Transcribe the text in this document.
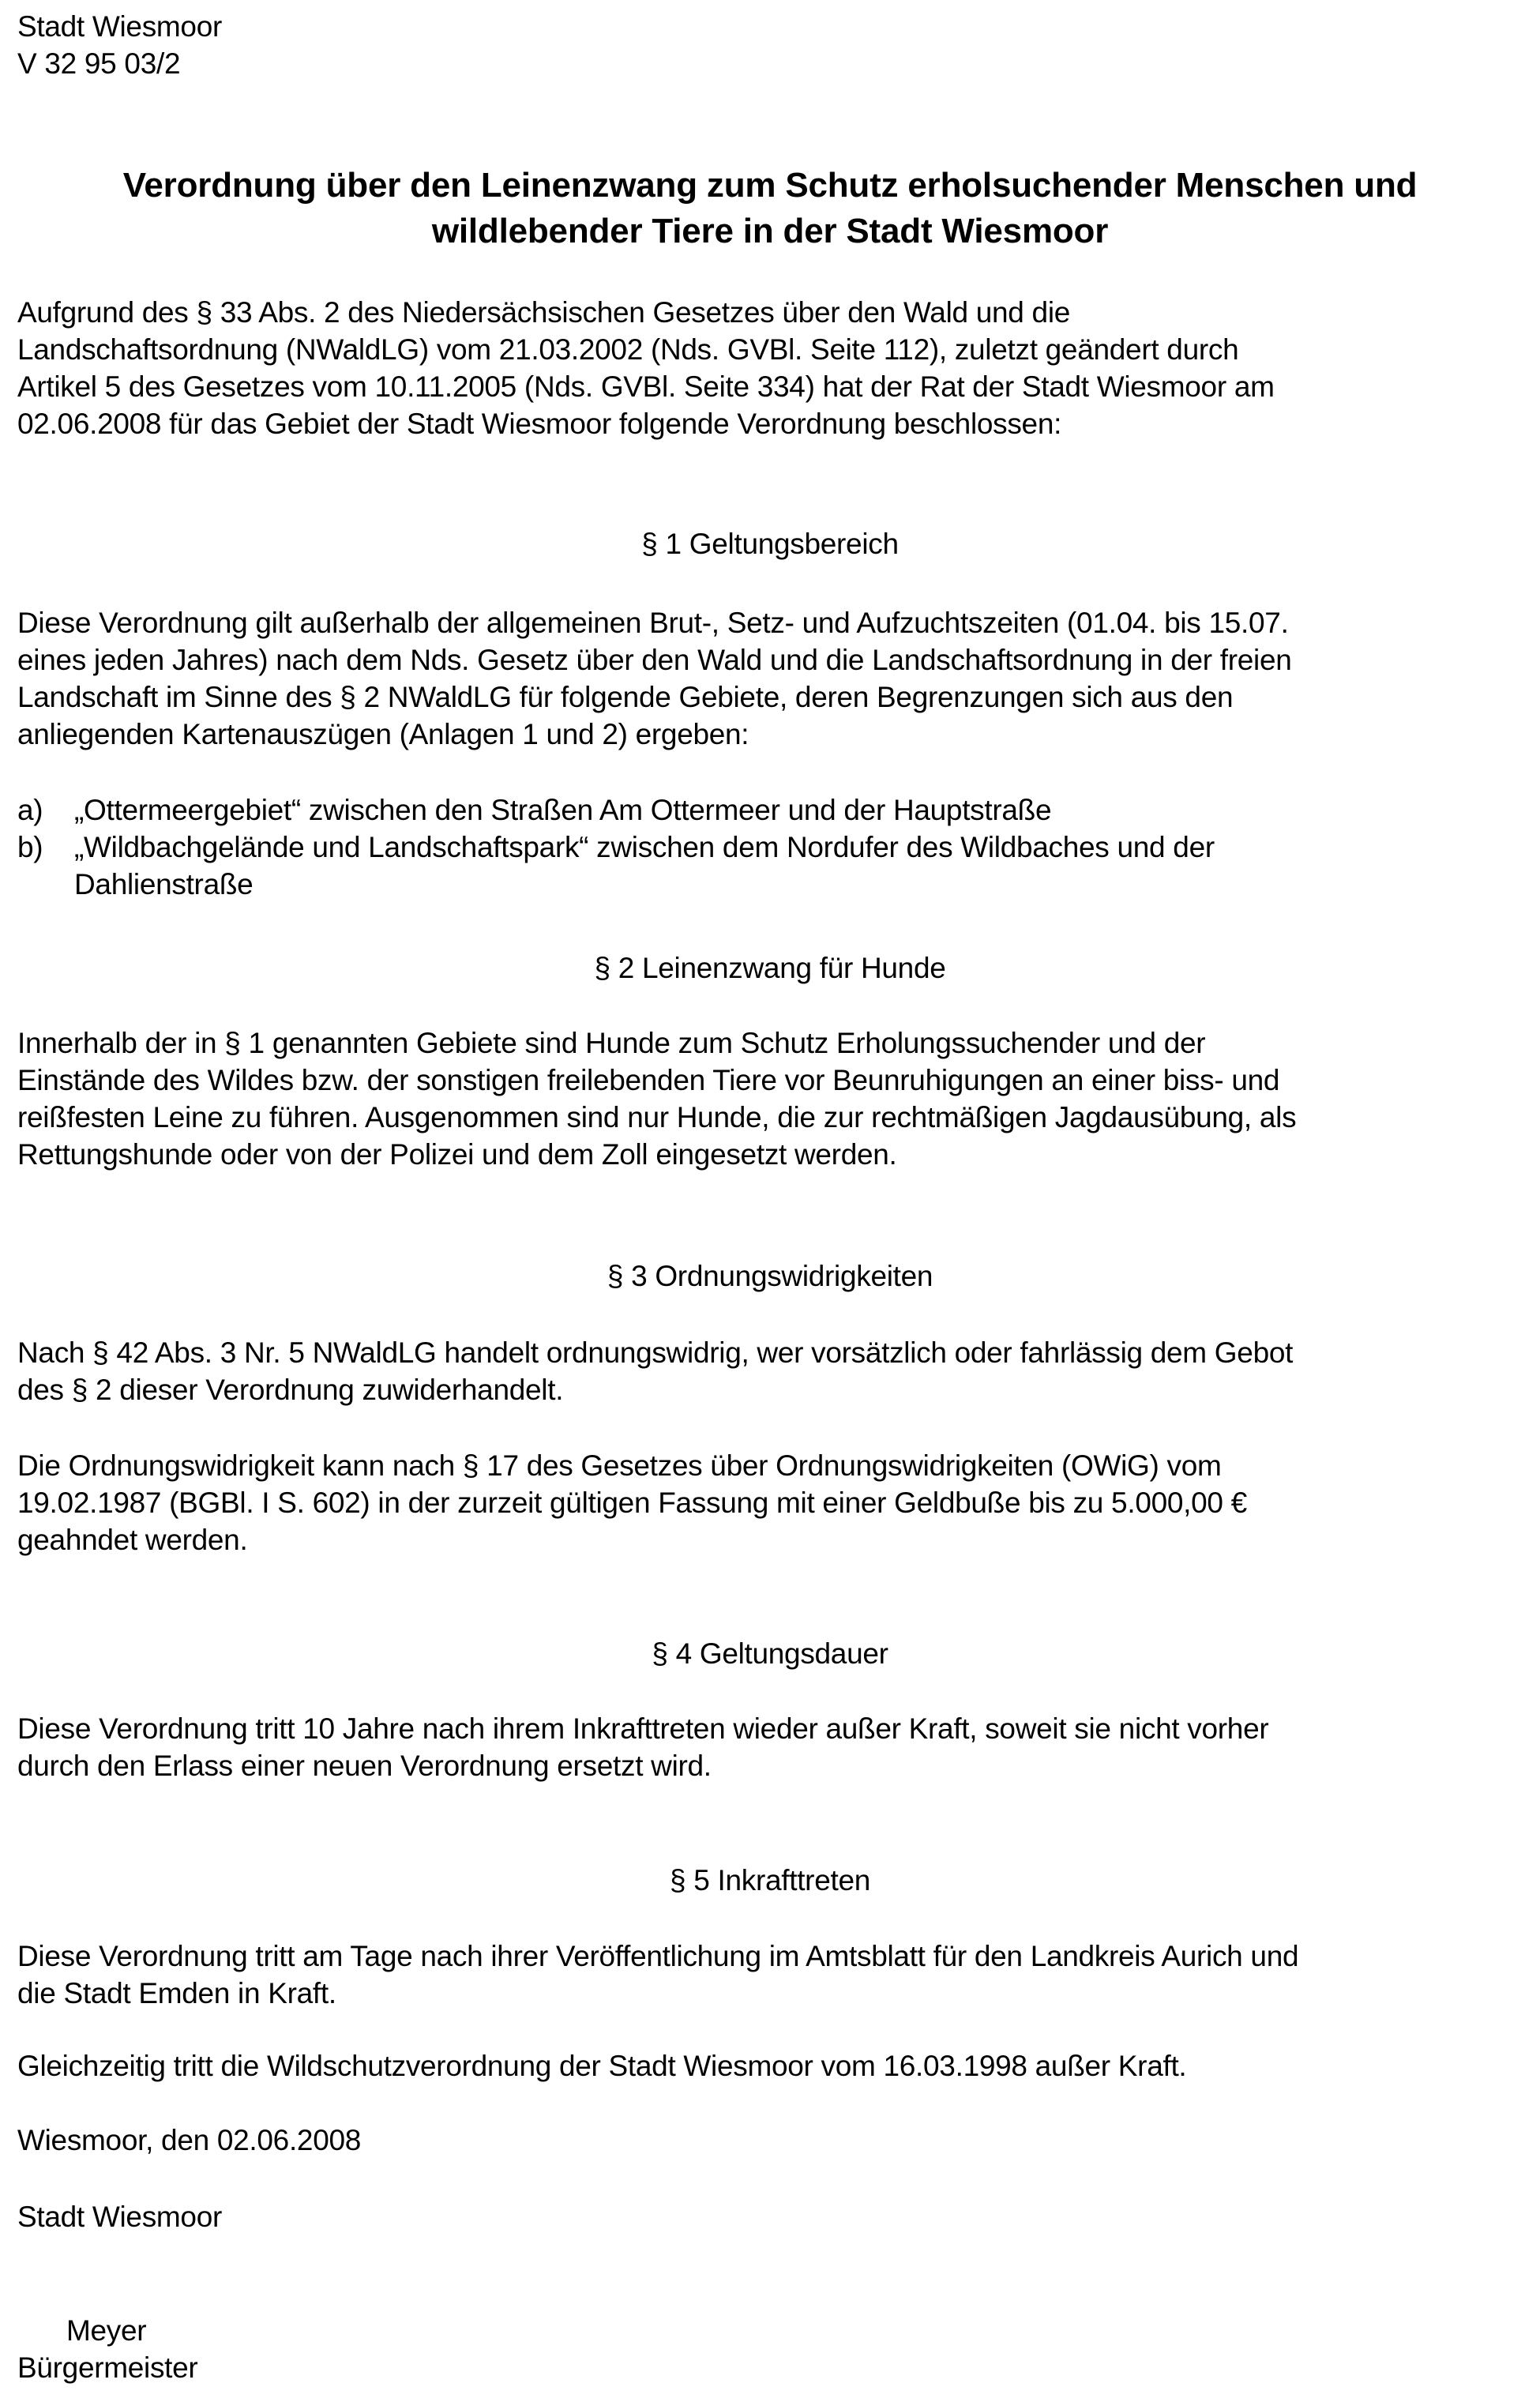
Stadt Wiesmoor

V 32 95 03/2

Verordnung über den Leinenzwang zum Schutz erholsuchender Menschen und

wildlebender Tiere in der Stadt Wiesmoor

Aufgrund des § 33 Abs. 2 des Niedersächsischen Gesetzes über den Wald und die

Landschaftsordnung (NWaldLG) vom 21.03.2002 (Nds. GVBl. Seite 112), zuletzt geändert durch

Artikel 5 des Gesetzes vom 10.11.2005 (Nds. GVBl. Seite 334) hat der Rat der Stadt Wiesmoor am

02.06.2008 für das Gebiet der Stadt Wiesmoor folgende Verordnung beschlossen:

§ 1 Geltungsbereich

Diese Verordnung gilt außerhalb der allgemeinen Brut-, Setz- und Aufzuchtszeiten (01.04. bis 15.07.

eines jeden Jahres) nach dem Nds. Gesetz über den Wald und die Landschaftsordnung in der freien

Landschaft im Sinne des § 2 NWaldLG für folgende Gebiete, deren Begrenzungen sich aus den

anliegenden Kartenauszügen (Anlagen 1 und 2) ergeben:

a)	„Ottermeergebiet“ zwischen den Straßen Am Ottermeer und der Hauptstraße
b)	„Wildbachgelände und Landschaftspark“ zwischen dem Nordufer des Wildbaches und der
Dahlienstraße
§ 2 Leinenzwang für Hunde

Innerhalb der in § 1 genannten Gebiete sind Hunde zum Schutz Erholungssuchender und der

Einstände des Wildes bzw. der sonstigen freilebenden Tiere vor Beunruhigungen an einer biss- und

reißfesten Leine zu führen. Ausgenommen sind nur Hunde, die zur rechtmäßigen Jagdausübung, als

Rettungshunde oder von der Polizei und dem Zoll eingesetzt werden.

§ 3 Ordnungswidrigkeiten

Nach § 42 Abs. 3 Nr. 5 NWaldLG handelt ordnungswidrig, wer vorsätzlich oder fahrlässig dem Gebot

des § 2 dieser Verordnung zuwiderhandelt.

Die Ordnungswidrigkeit kann nach § 17 des Gesetzes über Ordnungswidrigkeiten (OWiG) vom

19.02.1987 (BGBl. I S. 602) in der zurzeit gültigen Fassung mit einer Geldbuße bis zu 5.000,00 €

geahndet werden.

§ 4 Geltungsdauer

Diese Verordnung tritt 10 Jahre nach ihrem Inkrafttreten wieder außer Kraft, soweit sie nicht vorher

durch den Erlass einer neuen Verordnung ersetzt wird.

§ 5 Inkrafttreten

Diese Verordnung tritt am Tage nach ihrer Veröffentlichung im Amtsblatt für den Landkreis Aurich und

die Stadt Emden in Kraft.

Gleichzeitig tritt die Wildschutzverordnung der Stadt Wiesmoor vom 16.03.1998 außer Kraft.

Wiesmoor, den 02.06.2008
Stadt Wiesmoor

Meyer

Bürgermeister
